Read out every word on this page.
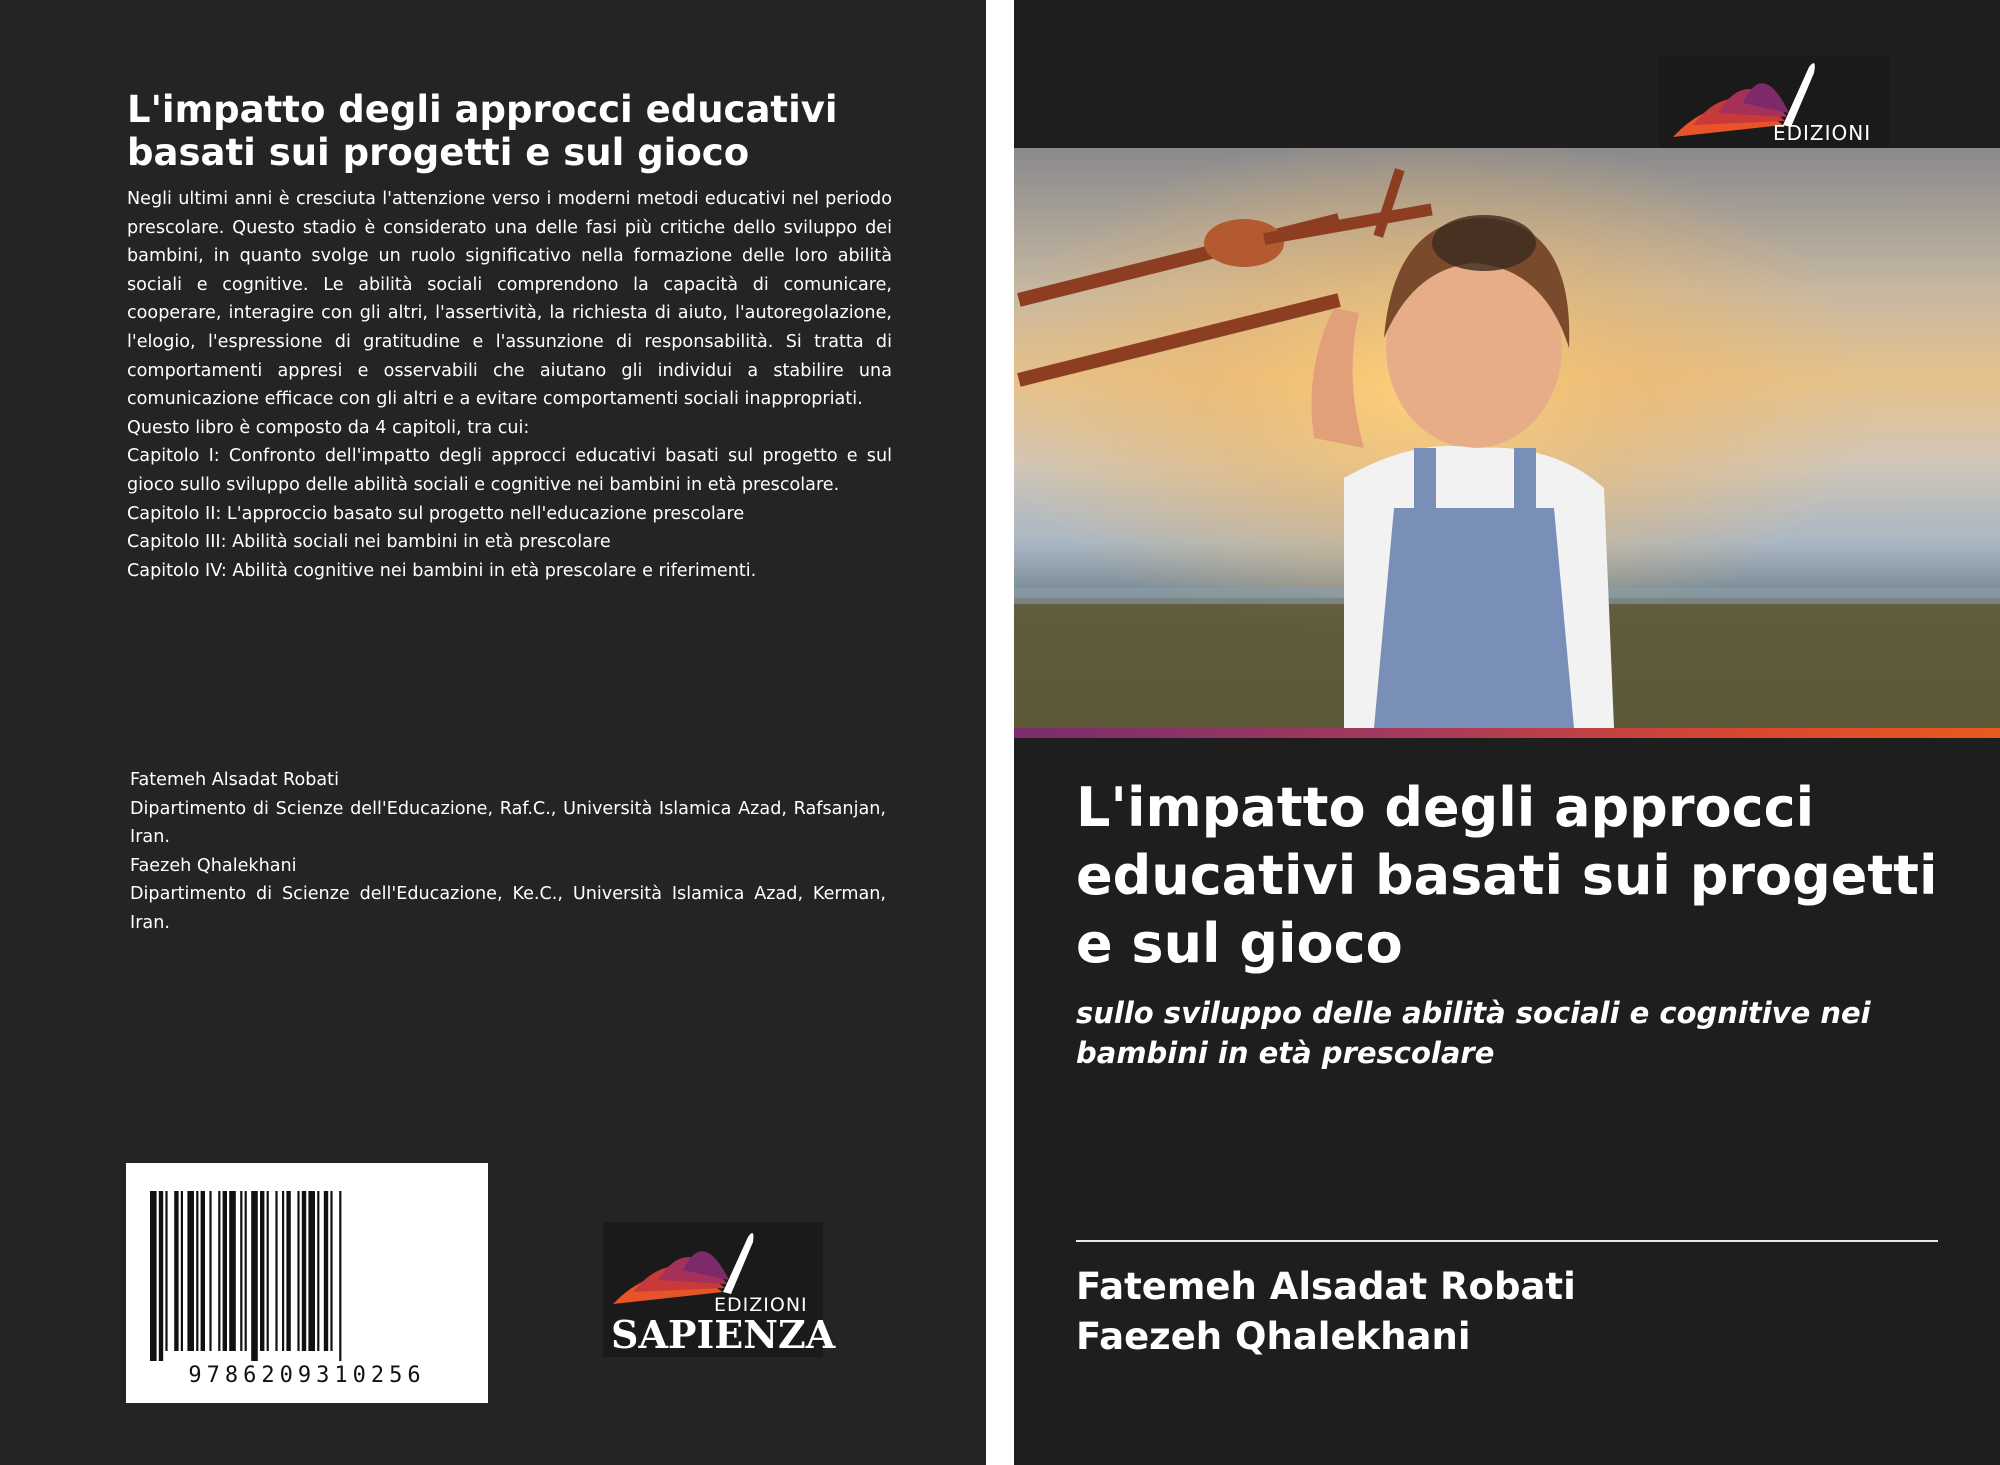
L'impatto degli approcci educativi basati sui progetti e sul gioco

Negli ultimi anni è cresciuta l'attenzione verso i moderni metodi educativi nel periodo prescolare. Questo stadio è considerato una delle fasi più critiche dello sviluppo dei bambini, in quanto svolge un ruolo significativo nella formazione delle loro abilità sociali e cognitive. Le abilità sociali comprendono la capacità di comunicare, cooperare, interagire con gli altri, l'assertività, la richiesta di aiuto, l'autoregolazione, l'elogio, l'espressione di gratitudine e l'assunzione di responsabilità. Si tratta di comportamenti appresi e osservabili che aiutano gli individui a stabilire una comunicazione efficace con gli altri e a evitare comportamenti sociali inappropriati.

Questo libro è composto da 4 capitoli, tra cui:

Capitolo I: Confronto dell'impatto degli approcci educativi basati sul progetto e sul gioco sullo sviluppo delle abilità sociali e cognitive nei bambini in età prescolare.

Capitolo II: L'approccio basato sul progetto nell'educazione prescolare

Capitolo III: Abilità sociali nei bambini in età prescolare

Capitolo IV: Abilità cognitive nei bambini in età prescolare e riferimenti.

Fatemeh Alsadat Robati

Dipartimento di Scienze dell'Educazione, Raf.C., Università Islamica Azad, Rafsanjan, Iran.

Faezeh Qhalekhani

Dipartimento di Scienze dell'Educazione, Ke.C., Università Islamica Azad, Kerman, Iran.

9786209310256
EDIZIONI
SAPIENZA
EDIZIONI
L'impatto degli approcci educativi basati sui progetti e sul gioco
sullo sviluppo delle abilità sociali e cognitive nei bambini in età prescolare
Fatemeh Alsadat Robati
Faezeh Qhalekhani
